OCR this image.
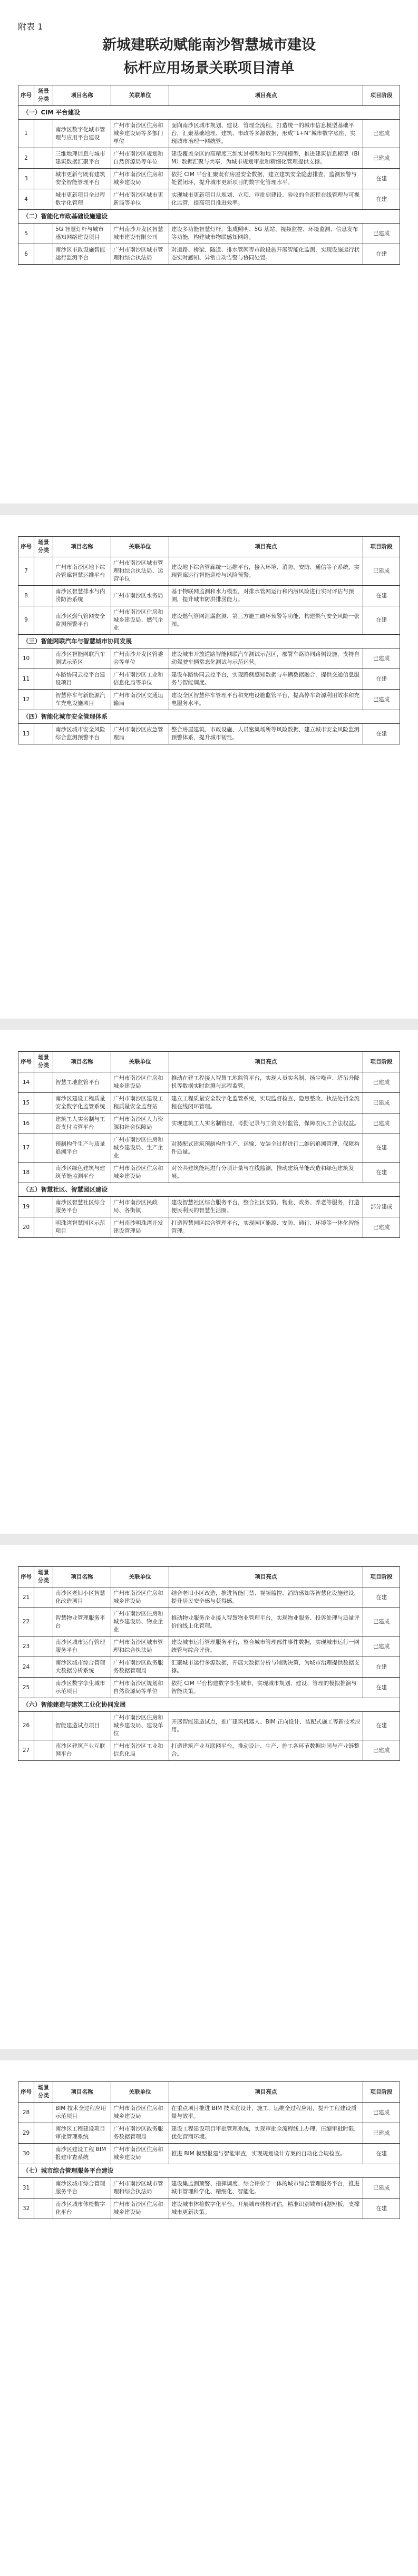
附表 1
新城建联动赋能南沙智慧城市建设
标杆应用场景关联项目清单
序号	场景分类	项目名称	关联单位	项目亮点	项目阶段
（一）CIM 平台建设					
1		南沙区数字化城市管理与应用平台建设	广州市南沙区住房和城乡建设局等多部门单位	面向南沙区城市规划、建设、管理全流程，打造统一的城市信息模型基础平台，汇聚基础地理、建筑、市政等多源数据，形成“1+N”城市数字底座，实现城市治理一网统管。	已建成
2		三维地理信息与城市建筑数据汇聚平台	广州市南沙区规划和自然资源局等单位	建设覆盖全区的高精度三维实景模型和地下空间模型，推进建筑信息模型（BIM）数据汇聚与共享，为城市规划审批和精细化管理提供支撑。	已建成
3		城市更新与既有建筑安全智能管理平台	广州市南沙区住房和城乡建设局	依托 CIM 平台汇聚既有房屋安全数据，建立建筑安全隐患排查、监测预警与处置闭环，提升城市更新项目的数字化管理水平。	在建
4		城市更新项目全过程数字化管理	广州市南沙区城市更新局等单位	实现城市更新项目从规划、立项、审批到建设、验收的全流程在线管理与可视化监管，提高项目推进效率。	在建
（二）智能化市政基础设施建设					
5		5G 智慧灯杆与城市感知网络建设项目	广州南沙开发区智慧城市建设有限公司	建设多功能智慧灯杆，集成照明、5G 基站、视频监控、环境监测、信息发布等功能，构建城市物联感知网络。	已建成
6		南沙区市政设施智能运行监测平台	广州市南沙区城市管理和综合执法局	对道路、桥梁、隧道、排水管网等市政设施开展智能化监测，实现设施运行状态实时感知、异常自动告警与协同处置。	在建
序号	场景分类	项目名称	关联单位	项目亮点	项目阶段
7		广州市南沙区地下综合管廊智慧运维平台	广州市南沙区城市管理和综合执法局、运营单位	建设地下综合管廊统一运维平台，接入环境、消防、安防、通信等子系统，实现管廊运行智能巡检与风险预警。	已建成
8		南沙区智慧排水与内涝防治系统	广州市南沙区水务局	基于物联网监测和水力模型，对排水管网运行和内涝风险进行实时评估与预测，提升城市防洪排涝能力。	在建
9		南沙区燃气管网安全监测预警平台	广州市南沙区住房和城乡建设局、燃气企业	建设燃气管网泄漏监测、第三方施工破坏预警等功能，构建燃气安全风险一张图。	在建
（三）智能网联汽车与智慧城市协同发展					
10		南沙区智能网联汽车测试示范区	广州南沙开发区管委会等单位	建设城市开放道路智能网联汽车测试示范区，部署车路协同路侧设施，支持自动驾驶车辆常态化测试与示范运营。	已建成
11		车路协同云控平台建设项目	广州市南沙区工业和信息化局等单位	建设车路协同云控平台，实现路侧感知数据与车辆数据融合，提供交通信息服务与智能调度。	在建
12		智慧停车与新能源汽车充电设施项目	广州市南沙区交通运输局	建设全区智慧停车管理平台和充电设施监管平台，提高停车资源利用效率和充电服务水平。	已建成
（四）智能化城市安全管理体系					
13		南沙区城市安全风险综合监测预警平台	广州市南沙区应急管理局	整合房屋建筑、市政设施、人员密集场所等风险数据，建立城市安全风险监测预警体系，提升城市韧性。	在建
序号	场景分类	项目名称	关联单位	项目亮点	项目阶段
14		智慧工地监管平台	广州市南沙区住房和城乡建设局	推动在建工程接入智慧工地监管平台，实现人员实名制、扬尘噪声、塔吊升降机等数据实时监测与远程监管。	已建成
15		南沙区建设工程质量安全数字化监管系统	广州市南沙区建设工程质量安全监督站	建立工程质量安全数字化监管系统，实现监督检查、隐患整改、执法处罚全流程在线闭环管理。	已建成
16		建筑工人实名制与工资支付监管平台	广州市南沙区人力资源和社会保障局	实现建筑工人实名制管理、考勤记录与工资支付监管，保障农民工合法权益。	已建成
17		预制构件生产与质量追溯平台	广州市南沙区住房和城乡建设局、生产企业	对装配式建筑预制构件生产、运输、安装全过程进行二维码追溯管理，保障构件质量。	在建
18		南沙区绿色建筑与建筑节能监测平台	广州市南沙区住房和城乡建设局	对公共建筑能耗进行分项计量与在线监测，推动建筑节能改造和绿色建筑发展。	在建
（五）智慧社区、智慧园区建设					
19		南沙区智慧社区综合服务平台	广州市南沙区民政局、各街镇	建设智慧社区综合服务平台，整合社区安防、物业、政务、养老等服务，打造便民利民的智慧生活圈。	部分建成
20		明珠湾智慧园区示范项目	广州南沙明珠湾开发建设管理局	打造智慧园区综合管理平台，实现园区能源、安防、通行、环境等一体化智能管理。	已建成
序号	场景分类	项目名称	关联单位	项目亮点	项目阶段
21		南沙区老旧小区智慧化改造项目	广州市南沙区住房和城乡建设局	结合老旧小区改造，推进智能门禁、视频监控、消防感知等智慧化设施建设，提升居民安全感与获得感。	在建
22		智慧物业管理服务平台	广州市南沙区住房和城乡建设局、物业企业	推动物业服务企业接入智慧物业管理平台，实现物业服务、投诉处理与质量评价的线上化管理。	已建成
23		南沙区城市运行管理服务平台	广州市南沙区城市管理和综合执法局	建设城市运行管理服务平台，整合城市管理部件事件数据，实现城市运行一网统管与综合评价。	已建成
24		南沙区城市综合管理大数据分析系统	广州市南沙区政务服务数据管理局	汇聚城市运行多源数据，开展大数据分析与辅助决策，为城市治理提供数据支撑。	在建
25		南沙区数字孪生城市示范项目	广州市南沙区规划和自然资源局等单位	依托 CIM 平台构建数字孪生城市，实现城市规划、建设、管理的模拟推演与智能决策。	在建
（六）智能建造与建筑工业化协同发展					
26		智能建造试点项目	广州市南沙区住房和城乡建设局、建设单位	开展智能建造试点，推广建筑机器人、BIM 正向设计、装配式施工等新技术应用。	在建
27		南沙区建筑产业互联网平台	广州市南沙区工业和信息化局	打造建筑产业互联网平台，推动设计、生产、施工各环节数据协同与产业链整合。	已建成
序号	场景分类	项目名称	关联单位	项目亮点	项目阶段
28		BIM 技术全过程应用示范项目	广州市南沙区住房和城乡建设局	在重点项目推进 BIM 技术在设计、施工、运维全过程应用，提升工程建设质量与效率。	已建成
29		南沙区工程建设项目审批管理系统	广州市南沙区政务服务数据管理局	建设工程建设项目审批管理系统，实现审批全流程线上办理，压缩审批时限，优化营商环境。	已建成
30		南沙区建设工程 BIM 报建审查系统	广州市南沙区住房和城乡建设局	推进 BIM 模型报建与智能审查，实现规划设计方案的自动化合规检查。	在建
（七）城市综合管理服务平台建设					
31		南沙区城市综合管理服务平台	广州市南沙区城市管理和综合执法局	建设集监测预警、指挥调度、综合评价于一体的城市综合管理服务平台，推进城市管理科学化、精细化、智能化。	已建成
32		南沙区城市体检数字化平台	广州市南沙区住房和城乡建设局	建设城市体检数字化平台，开展城市体检评估，精准识别城市问题短板，支撑城市更新决策。	在建
